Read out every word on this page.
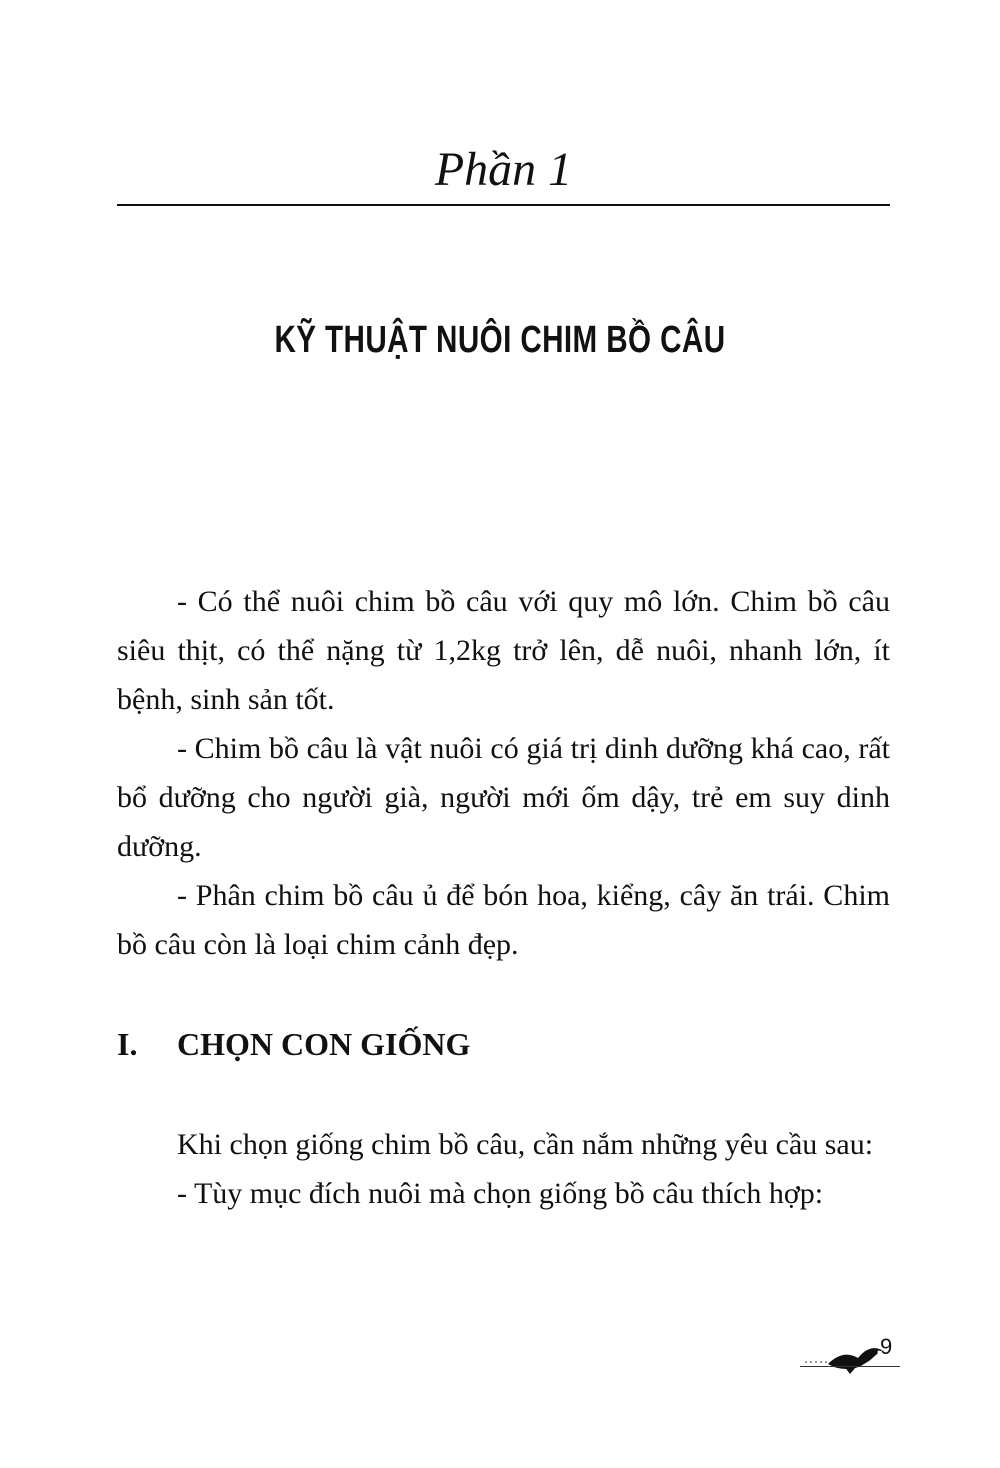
Phần 1
KỸ THUẬT NUÔI CHIM BỒ CÂU

- Có thể nuôi chim bồ câu với quy mô lớn. Chim bồ câu siêu thịt, có thể nặng từ 1,2kg trở lên, dễ nuôi, nhanh lớn, ít bệnh, sinh sản tốt.

- Chim bồ câu là vật nuôi có giá trị dinh dưỡng khá cao, rất bổ dưỡng cho người già, người mới ốm dậy, trẻ em suy dinh dưỡng.

- Phân chim bồ câu ủ để bón hoa, kiểng, cây ăn trái. Chim bồ câu còn là loại chim cảnh đẹp.

I. CHỌN CON GIỐNG

Khi chọn giống chim bồ câu, cần nắm những yêu cầu sau:

- Tùy mục đích nuôi mà chọn giống bồ câu thích hợp:

9
